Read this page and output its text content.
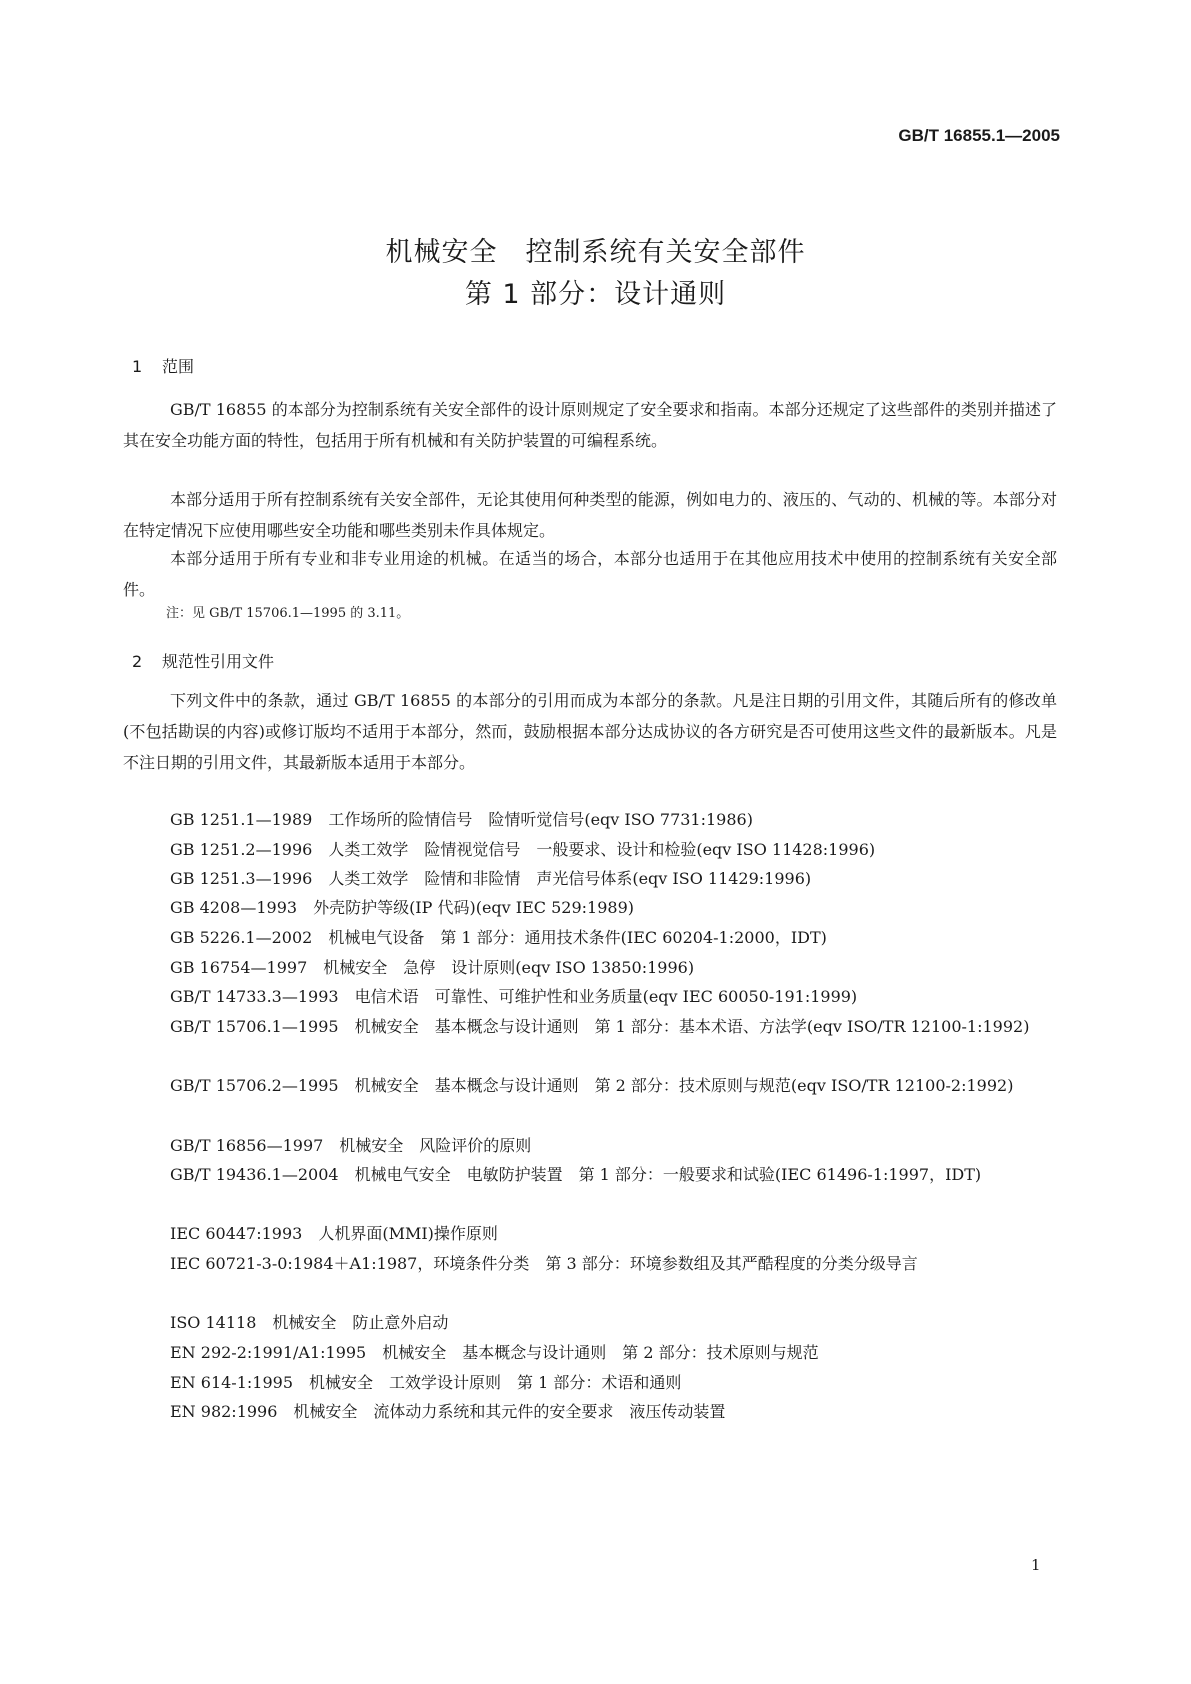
GB/T 16855.1—2005
机械安全　控制系统有关安全部件
第 1 部分：设计通则
1 范围
GB/T 16855 的本部分为控制系统有关安全部件的设计原则规定了安全要求和指南。本部分还规定了这些部件的类别并描述了其在安全功能方面的特性，包括用于所有机械和有关防护装置的可编程系统。
本部分适用于所有控制系统有关安全部件，无论其使用何种类型的能源，例如电力的、液压的、气动的、机械的等。本部分对在特定情况下应使用哪些安全功能和哪些类别未作具体规定。
本部分适用于所有专业和非专业用途的机械。在适当的场合，本部分也适用于在其他应用技术中使用的控制系统有关安全部件。
注：见 GB/T 15706.1—1995 的 3.11。
2 规范性引用文件
下列文件中的条款，通过 GB/T 16855 的本部分的引用而成为本部分的条款。凡是注日期的引用文件，其随后所有的修改单(不包括勘误的内容)或修订版均不适用于本部分，然而，鼓励根据本部分达成协议的各方研究是否可使用这些文件的最新版本。凡是不注日期的引用文件，其最新版本适用于本部分。
GB 1251.1—1989　工作场所的险情信号　险情听觉信号(eqv ISO 7731:1986)
GB 1251.2—1996　人类工效学　险情视觉信号　一般要求、设计和检验(eqv ISO 11428:1996)
GB 1251.3—1996　人类工效学　险情和非险情　声光信号体系(eqv ISO 11429:1996)
GB 4208—1993　外壳防护等级(IP 代码)(eqv IEC 529:1989)
GB 5226.1—2002　机械电气设备　第 1 部分：通用技术条件(IEC 60204-1:2000，IDT)
GB 16754—1997　机械安全　急停　设计原则(eqv ISO 13850:1996)
GB/T 14733.3—1993　电信术语　可靠性、可维护性和业务质量(eqv IEC 60050-191:1999)
GB/T 15706.1—1995　机械安全　基本概念与设计通则　第 1 部分：基本术语、方法学(eqv ISO/TR 12100-1:1992)
GB/T 15706.2—1995　机械安全　基本概念与设计通则　第 2 部分：技术原则与规范(eqv ISO/TR 12100-2:1992)
GB/T 16856—1997　机械安全　风险评价的原则
GB/T 19436.1—2004　机械电气安全　电敏防护装置　第 1 部分：一般要求和试验(IEC 61496-1:1997，IDT)
IEC 60447:1993　人机界面(MMI)操作原则
IEC 60721-3-0:1984＋A1:1987，环境条件分类　第 3 部分：环境参数组及其严酷程度的分类分级导言
ISO 14118　机械安全　防止意外启动
EN 292-2:1991/A1:1995　机械安全　基本概念与设计通则　第 2 部分：技术原则与规范
EN 614-1:1995　机械安全　工效学设计原则　第 1 部分：术语和通则
EN 982:1996　机械安全　流体动力系统和其元件的安全要求　液压传动装置
1
